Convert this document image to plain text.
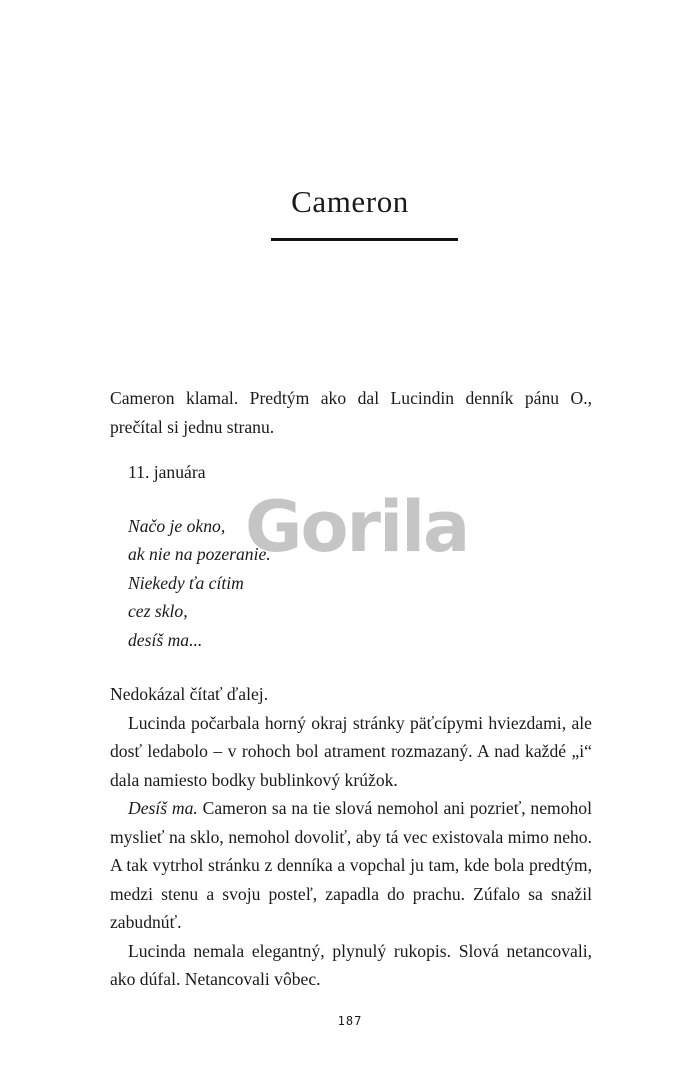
Cameron

Cameron klamal. Predtým ako dal Lucindin denník pánu O., prečítal si jednu stranu.

11. januára

Načo je okno,
ak nie na pozeranie.
Niekedy ťa cítim
cez sklo,
desíš ma...

Nedokázal čítať ďalej.

Lucinda počarbala horný okraj stránky päťcípymi hviezdami, ale dosť ledabolo – v rohoch bol atrament rozmazaný. A nad každé „i“ dala namiesto bodky bublinkový krúžok.

Desíš ma. Cameron sa na tie slová nemohol ani pozrieť, nemohol myslieť na sklo, nemohol dovoliť, aby tá vec existovala mimo neho. A tak vytrhol stránku z denníka a vopchal ju tam, kde bola predtým, medzi stenu a svoju posteľ, zapadla do prachu. Zúfalo sa snažil zabudnúť.

Lucinda nemala elegantný, plynulý rukopis. Slová netancovali, ako dúfal. Netancovali vôbec.

Gorila
187
